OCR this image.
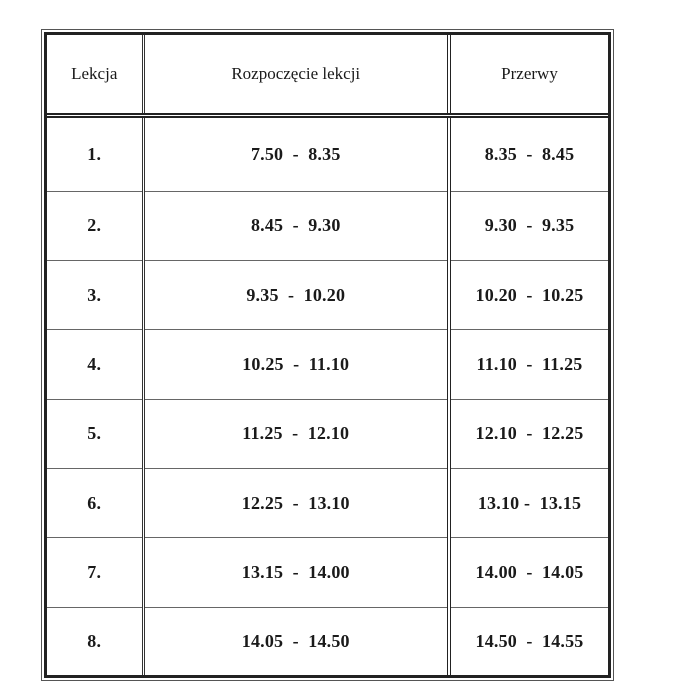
Lekcja	Rozpoczęcie lekcji	Przerwy
1.	7.50  -  8.35	8.35  -  8.45
2.	8.45  -  9.30	9.30  -  9.35
3.	9.35  -  10.20	10.20  -  10.25
4.	10.25  -  11.10	11.10  -  11.25
5.	11.25  -  12.10	12.10  -  12.25
6.	12.25  -  13.10	13.10 -  13.15
7.	13.15  -  14.00	14.00  -  14.05
8.	14.05  -  14.50	14.50  -  14.55
